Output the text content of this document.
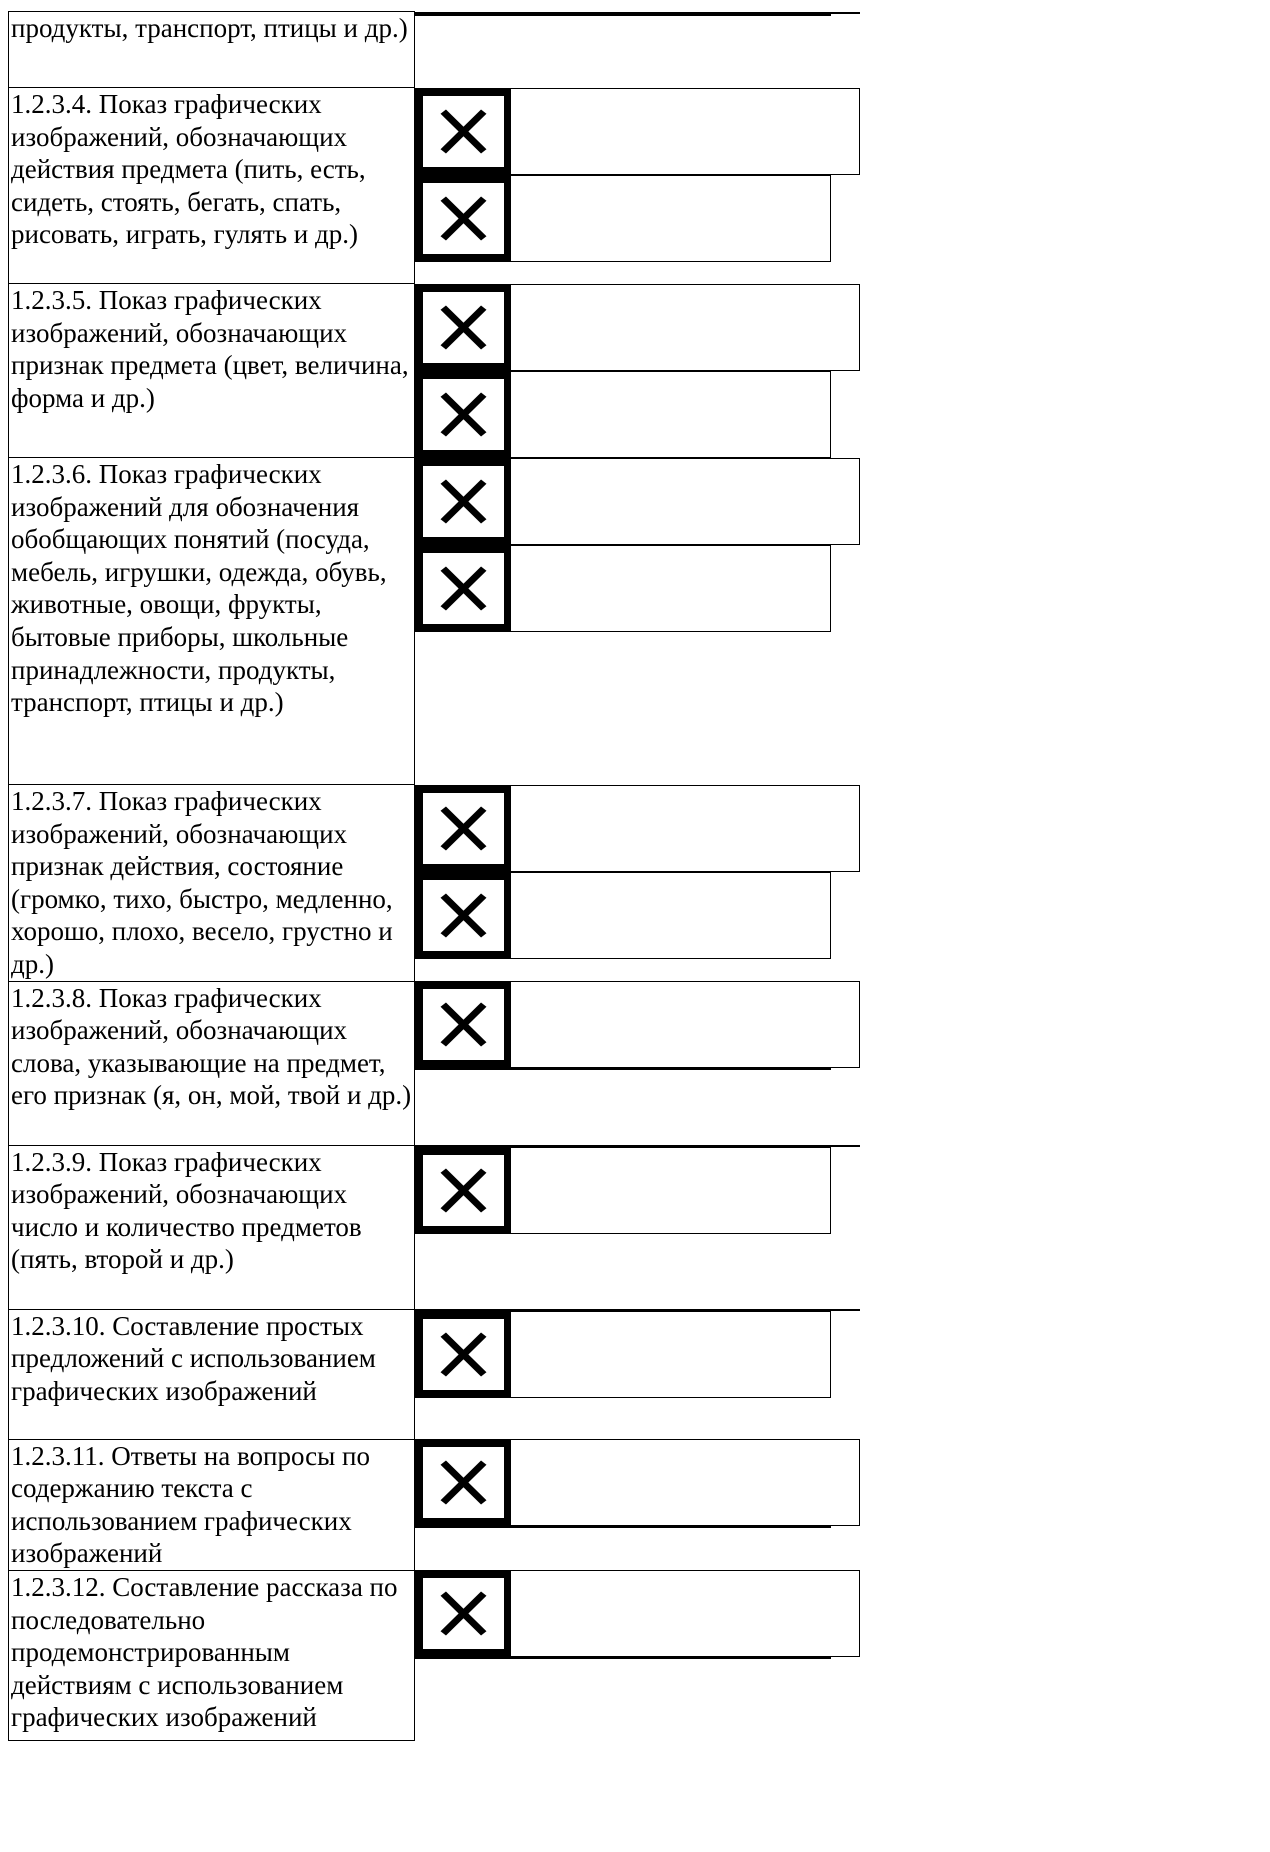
продукты, транспорт, птицы и др.)

1.2.3.4. Показ графических изображений, обозначающих действия предмета (пить, есть, сидеть, стоять, бегать, спать, рисовать, играть, гулять и др.)

1.2.3.5. Показ графических изображений, обозначающих признак предмета (цвет, величина, форма и др.)

1.2.3.6. Показ графических изображений для обозначения обобщающих понятий (посуда, мебель, игрушки, одежда, обувь, животные, овощи, фрукты, бытовые приборы, школьные принадлежности, продукты, транспорт, птицы и др.)

1.2.3.7. Показ графических изображений, обозначающих признак действия, состояние (громко, тихо, быстро, медленно, хорошо, плохо, весело, грустно и др.)

1.2.3.8. Показ графических изображений, обозначающих слова, указывающие на предмет, его признак (я, он, мой, твой и др.)

1.2.3.9. Показ графических изображений, обозначающих число и количество предметов (пять, второй и др.)

1.2.3.10. Составление простых предложений с использованием графических изображений

1.2.3.11. Ответы на вопросы по содержанию текста с использованием графических изображений

1.2.3.12. Составление рассказа по последовательно продемонстрированным действиям с использованием графических изображений
